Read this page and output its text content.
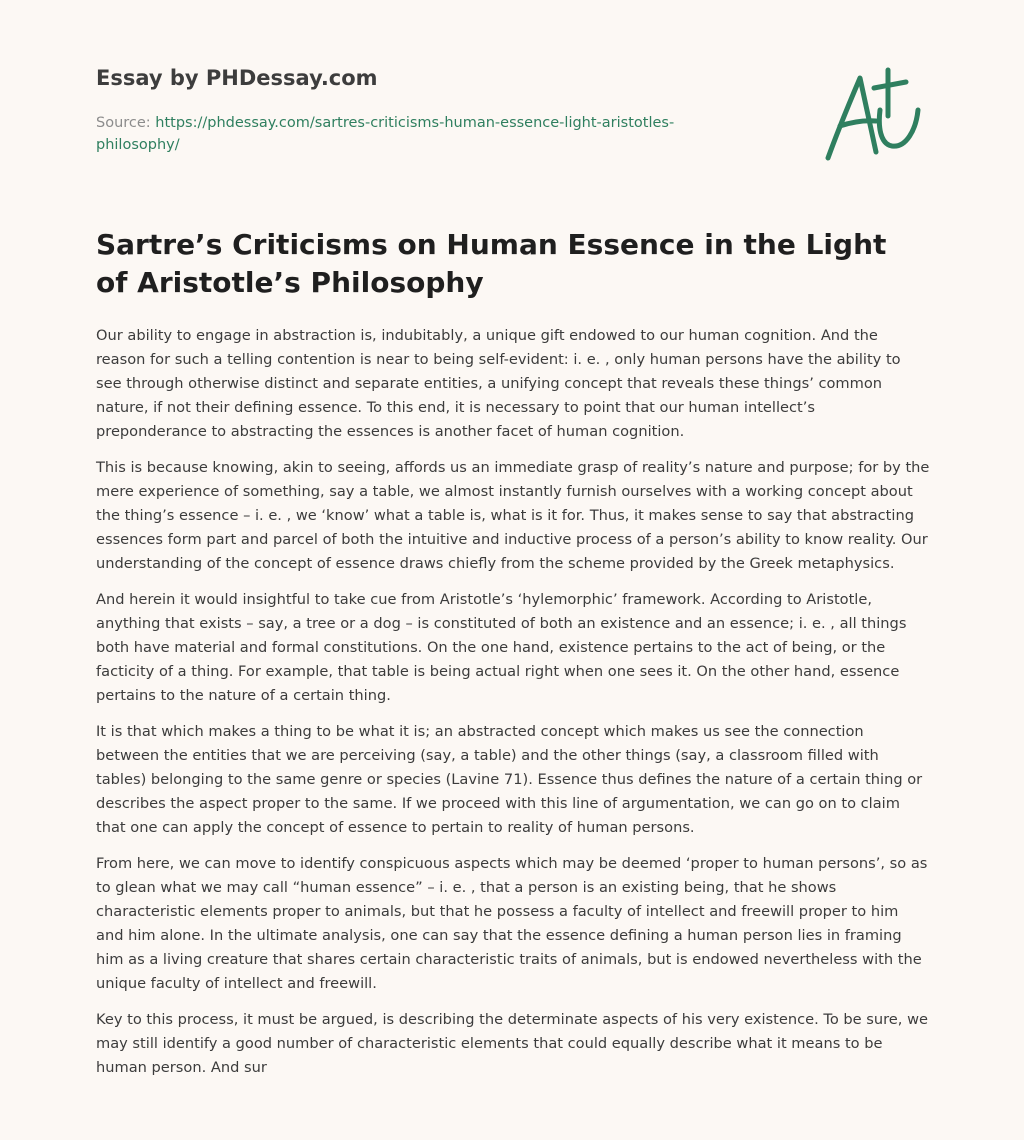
Essay by PHDessay.com

Source: https://phdessay.com/sartres-criticisms-human-essence-light-aristotles-philosophy/

Sartre’s Criticisms on Human Essence in the Light of Aristotle’s Philosophy

Our ability to engage in abstraction is, indubitably, a unique gift endowed to our human cognition. And the reason for such a telling contention is near to being self-evident: i. e. , only human persons have the ability to see through otherwise distinct and separate entities, a unifying concept that reveals these things’ common nature, if not their defining essence. To this end, it is necessary to point that our human intellect’s preponderance to abstracting the essences is another facet of human cognition.

This is because knowing, akin to seeing, affords us an immediate grasp of reality’s nature and purpose; for by the mere experience of something, say a table, we almost instantly furnish ourselves with a working concept about the thing’s essence – i. e. , we ‘know’ what a table is, what is it for. Thus, it makes sense to say that abstracting essences form part and parcel of both the intuitive and inductive process of a person’s ability to know reality. Our understanding of the concept of essence draws chiefly from the scheme provided by the Greek metaphysics.

And herein it would insightful to take cue from Aristotle’s ‘hylemorphic’ framework. According to Aristotle, anything that exists – say, a tree or a dog – is constituted of both an existence and an essence; i. e. , all things both have material and formal constitutions. On the one hand, existence pertains to the act of being, or the facticity of a thing. For example, that table is being actual right when one sees it. On the other hand, essence pertains to the nature of a certain thing.

It is that which makes a thing to be what it is; an abstracted concept which makes us see the connection between the entities that we are perceiving (say, a table) and the other things (say, a classroom filled with tables) belonging to the same genre or species (Lavine 71). Essence thus defines the nature of a certain thing or describes the aspect proper to the same. If we proceed with this line of argumentation, we can go on to claim that one can apply the concept of essence to pertain to reality of human persons.

From here, we can move to identify conspicuous aspects which may be deemed ‘proper to human persons’, so as to glean what we may call “human essence” – i. e. , that a person is an existing being, that he shows characteristic elements proper to animals, but that he possess a faculty of intellect and freewill proper to him and him alone. In the ultimate analysis, one can say that the essence defining a human person lies in framing him as a living creature that shares certain characteristic traits of animals, but is endowed nevertheless with the unique faculty of intellect and freewill.

Key to this process, it must be argued, is describing the determinate aspects of his very existence. To be sure, we may still identify a good number of characteristic elements that could equally describe what it means to be human person. And sur
